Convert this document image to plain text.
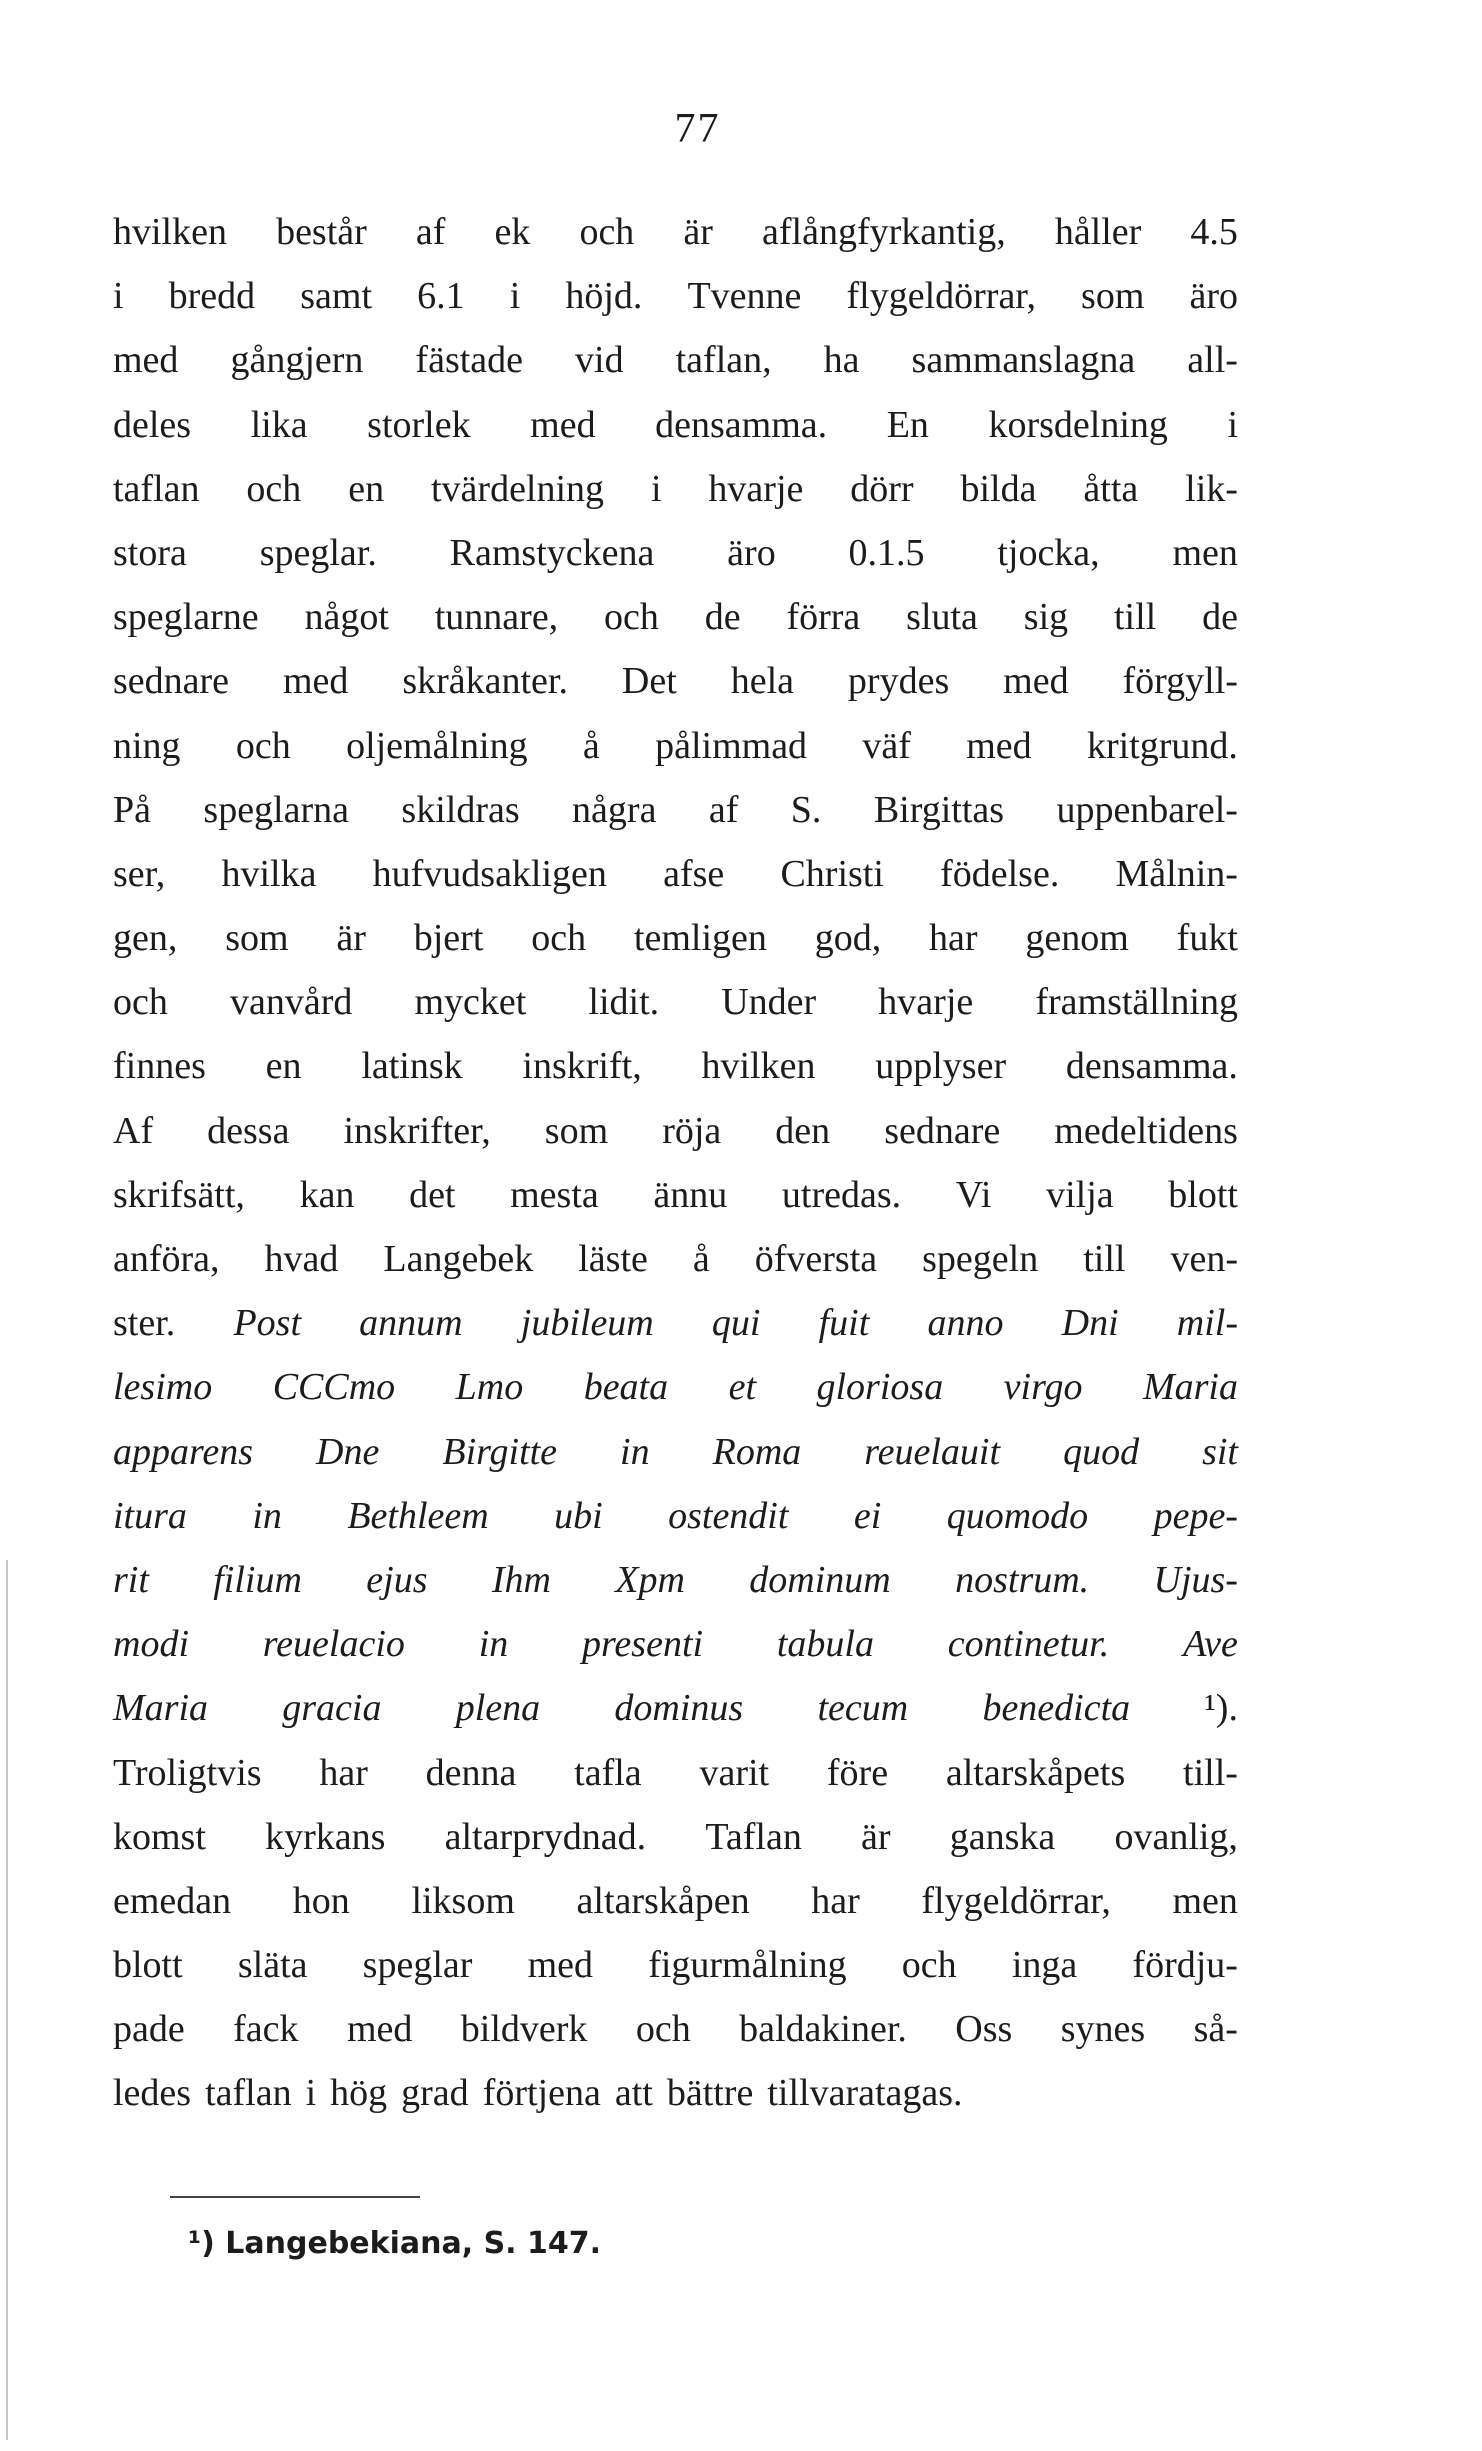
77
hvilken består af ek och är aflångfyrkantig, håller 4.5
i bredd samt 6.1 i höjd. Tvenne flygeldörrar, som äro
med gångjern fästade vid taflan, ha sammanslagna all-
deles lika storlek med densamma. En korsdelning i
taflan och en tvärdelning i hvarje dörr bilda åtta lik-
stora speglar. Ramstyckena äro 0.1.5 tjocka, men
speglarne något tunnare, och de förra sluta sig till de
sednare med skråkanter. Det hela prydes med förgyll-
ning och oljemålning å pålimmad väf med kritgrund.
På speglarna skildras några af S. Birgittas uppenbarel-
ser, hvilka hufvudsakligen afse Christi födelse. Målnin-
gen, som är bjert och temligen god, har genom fukt
och vanvård mycket lidit. Under hvarje framställning
finnes en latinsk inskrift, hvilken upplyser densamma.
Af dessa inskrifter, som röja den sednare medeltidens
skrifsätt, kan det mesta ännu utredas. Vi vilja blott
anföra, hvad Langebek läste å öfversta spegeln till ven-
ster. Post annum jubileum qui fuit anno Dni mil-
lesimo CCCmo Lmo beata et gloriosa virgo Maria
apparens Dne Birgitte in Roma reuelauit quod sit
itura in Bethleem ubi ostendit ei quomodo pepe-
rit filium ejus Ihm Xpm dominum nostrum. Ujus-
modi reuelacio in presenti tabula continetur. Ave
Maria gracia plena dominus tecum benedicta ¹).
Troligtvis har denna tafla varit före altarskåpets till-
komst kyrkans altarprydnad. Taflan är ganska ovanlig,
emedan hon liksom altarskåpen har flygeldörrar, men
blott släta speglar med figurmålning och inga fördju-
pade fack med bildverk och baldakiner. Oss synes så-
ledes taflan i hög grad förtjena att bättre tillvaratagas.
¹) Langebekiana, S. 147.
